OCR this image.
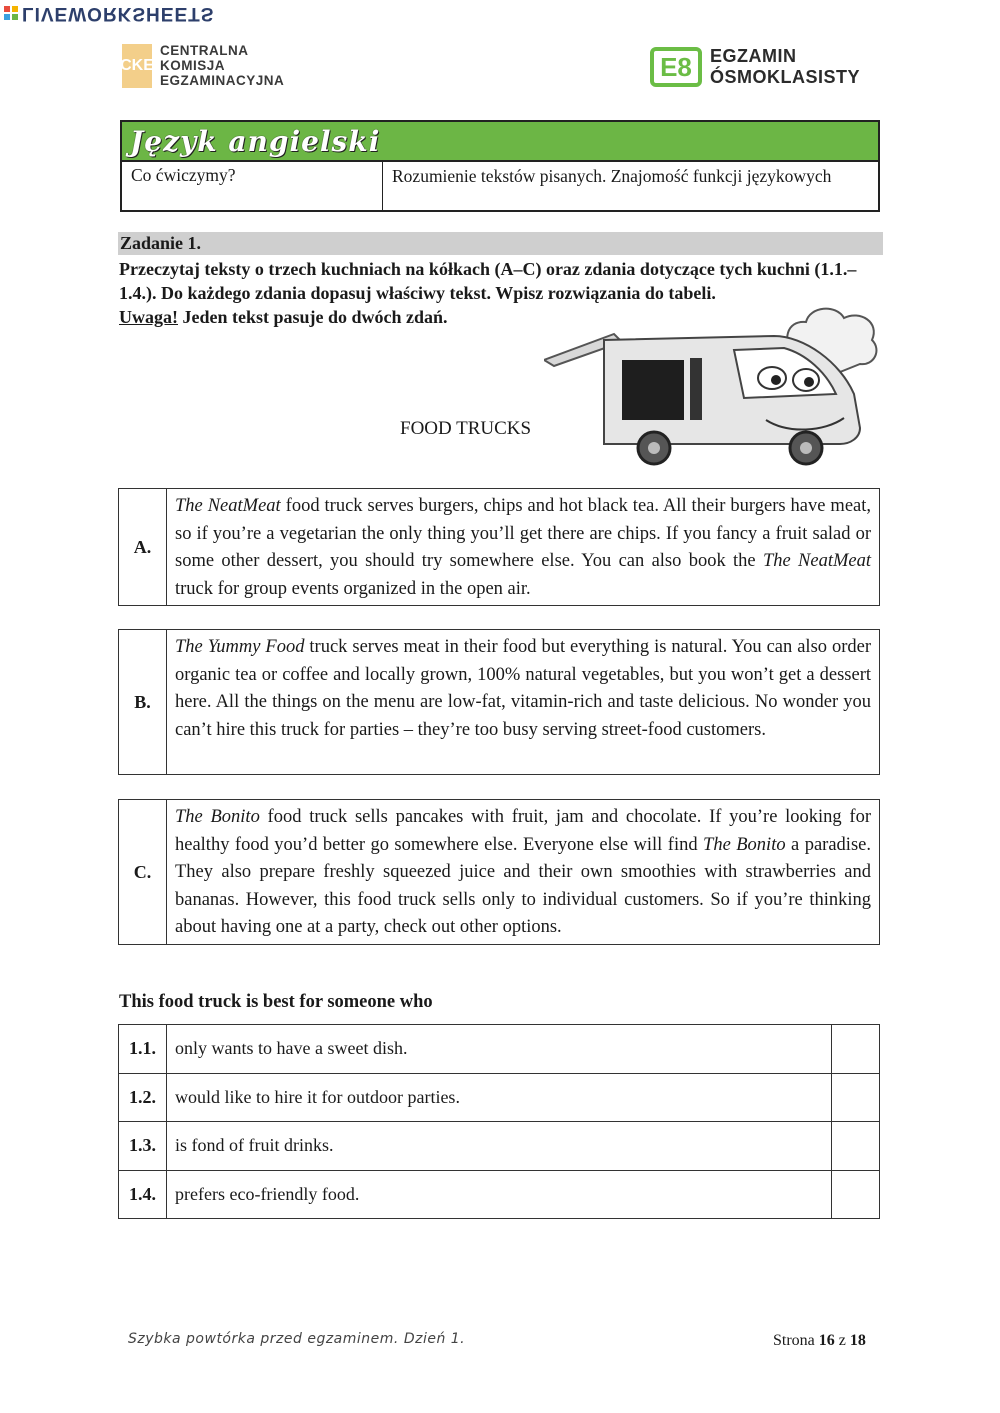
LIVEWORKSHEETS
CKE
CENTRALNA
KOMISJA
EGZAMINACYJNA	E8	EGZAMIN
ÓSMOKLASISTY
Język angielski
Co ćwiczymy?	Rozumienie tekstów pisanych. Znajomość funkcji językowych
Zadanie 1.
Przeczytaj teksty o trzech kuchniach na kółkach (A–C) oraz zdania dotyczące tych kuchni (1.1.–1.4.). Do każdego zdania dopasuj właściwy tekst. Wpisz rozwiązania do tabeli.
Uwaga! Jeden tekst pasuje do dwóch zdań.
FOOD TRUCKS
A.
The NeatMeat food truck serves burgers, chips and hot black tea. All their burgers have meat, so if you’re a vegetarian the only thing you’ll get there are chips. If you fancy a fruit salad or some other dessert, you should try somewhere else. You can also book the The NeatMeat truck for group events organized in the open air.
B.
The Yummy Food truck serves meat in their food but everything is natural. You can also order organic tea or coffee and locally grown, 100% natural vegetables, but you won’t get a dessert here. All the things on the menu are low-fat, vitamin-rich and taste delicious. No wonder you can’t hire this truck for parties – they’re too busy serving street-food customers.
C.
The Bonito food truck sells pancakes with fruit, jam and chocolate. If you’re looking for healthy food you’d better go somewhere else. Everyone else will find The Bonito a paradise. They also prepare freshly squeezed juice and their own smoothies with strawberries and bananas. However, this food truck sells only to individual customers. So if you’re thinking about having one at a party, check out other options.
This food truck is best for someone who
1.1.	only wants to have a sweet dish.	
1.2.	would like to hire it for outdoor parties.	
1.3.	is fond of fruit drinks.	
1.4.	prefers eco-friendly food.	
Szybka powtórka przed egzaminem. Dzień 1.	Strona 16 z 18
